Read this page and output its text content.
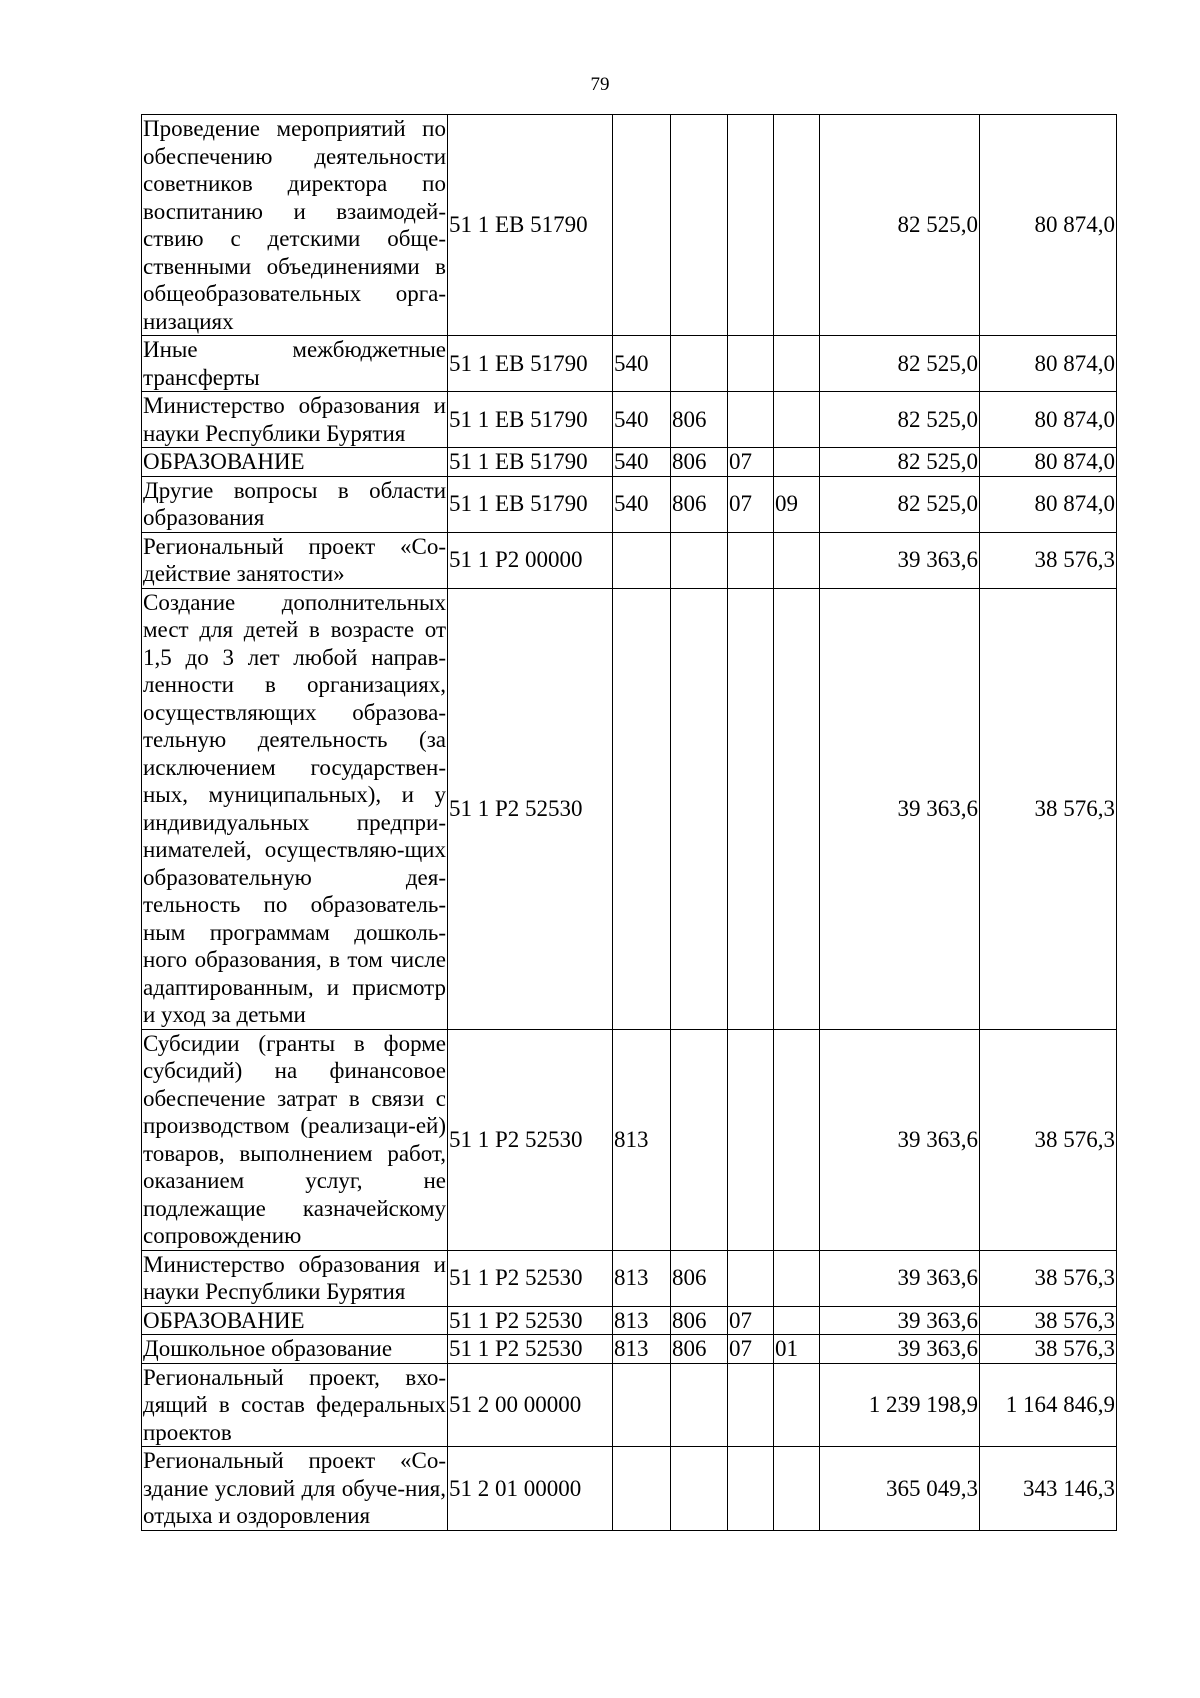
79
Проведение мероприятий по обеспечению деятельности советников директора по воспитанию и взаимодей-ствию с детскими обще-ственными объединениями в общеобразовательных орга-низациях	51 1 EB 51790					82 525,0	80 874,0
Иные межбюджетные трансферты	51 1 EB 51790	540				82 525,0	80 874,0
Министерство образования и науки Республики Бурятия	51 1 EB 51790	540	806			82 525,0	80 874,0
ОБРАЗОВАНИЕ	51 1 EB 51790	540	806	07		82 525,0	80 874,0
Другие вопросы в области образования	51 1 EB 51790	540	806	07	09	82 525,0	80 874,0
Региональный проект «Со-действие занятости»	51 1 P2 00000					39 363,6	38 576,3
Создание дополнительных мест для детей в возрасте от 1,5 до 3 лет любой направ-ленности в организациях, осуществляющих образова-тельную деятельность (за исключением государствен-ных, муниципальных), и у индивидуальных предпри-нимателей, осуществляю-щих образовательную дея-тельность по образователь-ным программам дошколь-ного образования, в том числе адаптированным, и присмотр и уход за детьми	51 1 P2 52530					39 363,6	38 576,3
Субсидии (гранты в форме субсидий) на финансовое обеспечение затрат в связи с производством (реализаци-ей) товаров, выполнением работ, оказанием услуг, не подлежащие казначейскому сопровождению	51 1 P2 52530	813				39 363,6	38 576,3
Министерство образования и науки Республики Бурятия	51 1 P2 52530	813	806			39 363,6	38 576,3
ОБРАЗОВАНИЕ	51 1 P2 52530	813	806	07		39 363,6	38 576,3
Дошкольное образование	51 1 P2 52530	813	806	07	01	39 363,6	38 576,3
Региональный проект, вхо-дящий в состав федеральных проектов	51 2 00 00000					1 239 198,9	1 164 846,9
Региональный проект «Со-здание условий для обуче-ния, отдыха и оздоровления	51 2 01 00000					365 049,3	343 146,3
